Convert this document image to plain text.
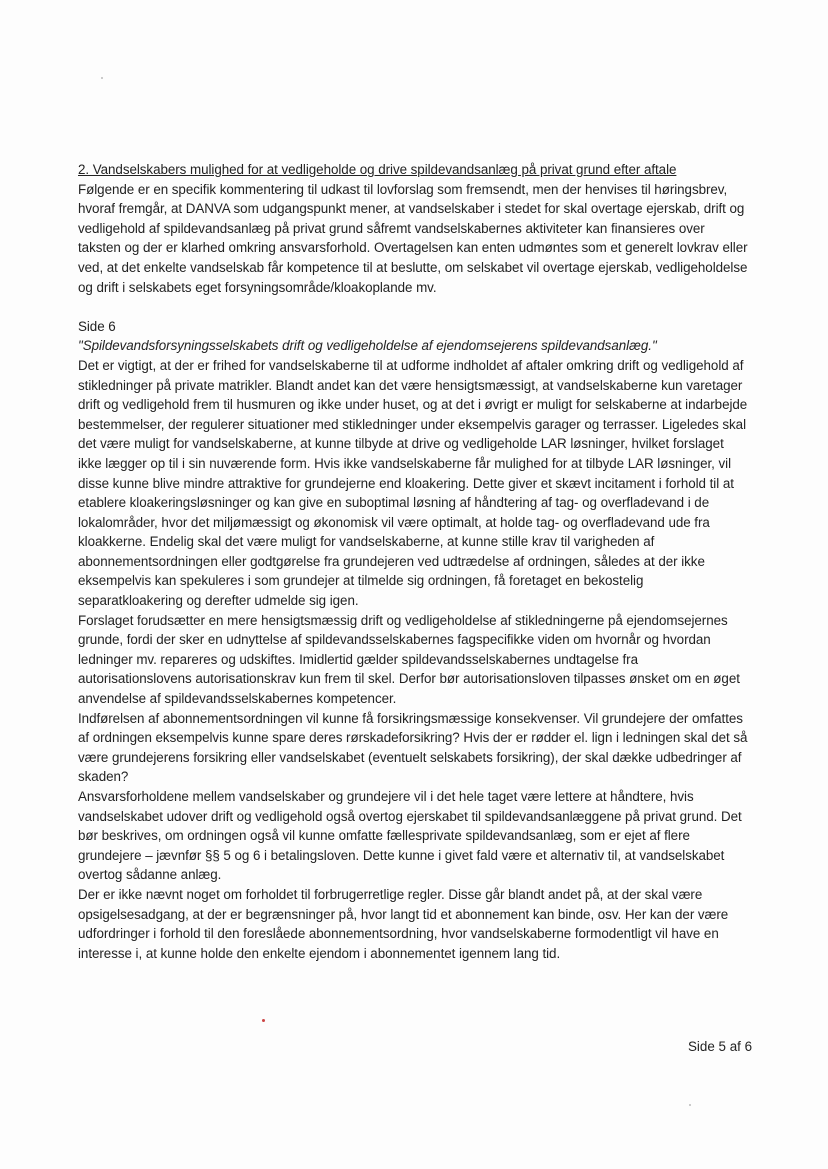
2. Vandselskabers mulighed for at vedligeholde og drive spildevandsanlæg på privat grund efter aftale

Følgende er en specifik kommentering til udkast til lovforslag som fremsendt, men der henvises til høringsbrev, hvoraf fremgår, at DANVA som udgangspunkt mener, at vandselskaber i stedet for skal overtage ejerskab, drift og vedligehold af spildevandsanlæg på privat grund såfremt vandselskabernes aktiviteter kan finansieres over taksten og der er klarhed omkring ansvarsforhold. Overtagelsen kan enten udmøntes som et generelt lovkrav eller ved, at det enkelte vandselskab får kompetence til at beslutte, om selskabet vil overtage ejerskab, vedligeholdelse og drift i selskabets eget forsyningsområde/kloakoplande mv.

Side 6

"Spildevandsforsyningsselskabets drift og vedligeholdelse af ejendomsejerens spildevandsanlæg."

Det er vigtigt, at der er frihed for vandselskaberne til at udforme indholdet af aftaler omkring drift og vedligehold af stikledninger på private matrikler. Blandt andet kan det være hensigtsmæssigt, at vandselskaberne kun varetager drift og vedligehold frem til husmuren og ikke under huset, og at det i øvrigt er muligt for selskaberne at indarbejde bestemmelser, der regulerer situationer med stikledninger under eksempelvis garager og terrasser. Ligeledes skal det være muligt for vandselskaberne, at kunne tilbyde at drive og vedligeholde LAR løsninger, hvilket forslaget ikke lægger op til i sin nuværende form. Hvis ikke vandselskaberne får mulighed for at tilbyde LAR løsninger, vil disse kunne blive mindre attraktive for grundejerne end kloakering. Dette giver et skævt incitament i forhold til at etablere kloakeringsløsninger og kan give en suboptimal løsning af håndtering af tag- og overfladevand i de lokalområder, hvor det miljømæssigt og økonomisk vil være optimalt, at holde tag- og overfladevand ude fra kloakkerne. Endelig skal det være muligt for vandselskaberne, at kunne stille krav til varigheden af abonnementsordningen eller godtgørelse fra grundejeren ved udtrædelse af ordningen, således at der ikke eksempelvis kan spekuleres i som grundejer at tilmelde sig ordningen, få foretaget en bekostelig separatkloakering og derefter udmelde sig igen.

Forslaget forudsætter en mere hensigtsmæssig drift og vedligeholdelse af stikledningerne på ejendomsejernes grunde, fordi der sker en udnyttelse af spildevandsselskabernes fagspecifikke viden om hvornår og hvordan ledninger mv. repareres og udskiftes. Imidlertid gælder spildevandsselskabernes undtagelse fra autorisationslovens autorisationskrav kun frem til skel. Derfor bør autorisationsloven tilpasses ønsket om en øget anvendelse af spildevandsselskabernes kompetencer.

Indførelsen af abonnementsordningen vil kunne få forsikringsmæssige konsekvenser. Vil grundejere der omfattes af ordningen eksempelvis kunne spare deres rørskadeforsikring? Hvis der er rødder el. lign i ledningen skal det så være grundejerens forsikring eller vandselskabet (eventuelt selskabets forsikring), der skal dække udbedringer af skaden?

Ansvarsforholdene mellem vandselskaber og grundejere vil i det hele taget være lettere at håndtere, hvis vandselskabet udover drift og vedligehold også overtog ejerskabet til spildevandsanlæggene på privat grund. Det bør beskrives, om ordningen også vil kunne omfatte fællesprivate spildevandsanlæg, som er ejet af flere grundejere – jævnfør §§ 5 og 6 i betalingsloven. Dette kunne i givet fald være et alternativ til, at vandselskabet overtog sådanne anlæg.

Der er ikke nævnt noget om forholdet til forbrugerretlige regler. Disse går blandt andet på, at der skal være opsigelsesadgang, at der er begrænsninger på, hvor langt tid et abonnement kan binde, osv. Her kan der være udfordringer i forhold til den foreslåede abonnementsordning, hvor vandselskaberne formodentligt vil have en interesse i, at kunne holde den enkelte ejendom i abonnementet igennem lang tid.

Side 5 af 6
